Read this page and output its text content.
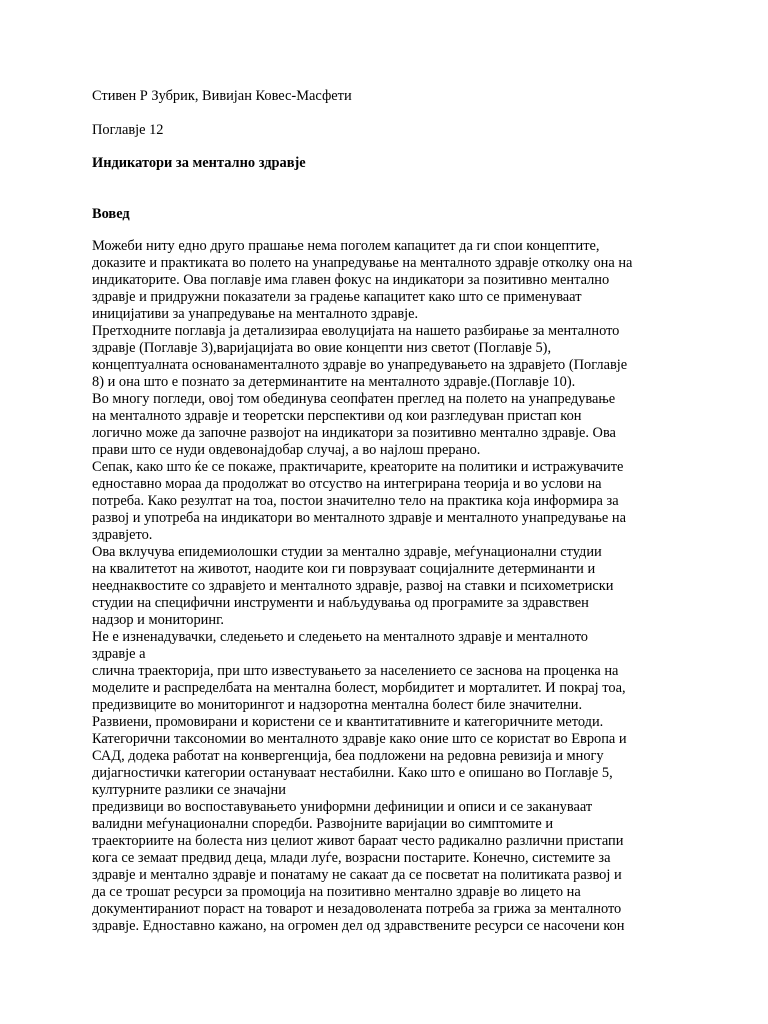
Стивен Р Зубрик, Вивијан Ковес-Масфети

Поглавје 12

Индикатори за ментално здравје

Вовед

Можеби ниту едно друго прашање нема поголем капацитет да ги спои концептите,
доказите и практиката во полето на унапредување на менталното здравје отколку она на
индикаторите. Ова поглавје има главен фокус на индикатори за позитивно ментално
здравје и придружни показатели за градење капацитет како што се применуваат
иницијативи за унапредување на менталното здравје.
Претходните поглавја ја детализираа еволуцијата на нашето разбирање за менталното
здравје (Поглавје 3),варијацијата во овие концепти низ светот (Поглавје 5),
концептуалната основанаменталното здравје во унапредувањето на здравјето (Поглавје
8) и она што е познато за детерминантите на менталното здравје.(Поглавје 10).
Во многу погледи, овој том обединува сеопфатен преглед на полето на унапредување
на менталното здравје и теоретски перспективи од кои разгледуван пристап кон
логично може да започне развојот на индикатори за позитивно ментално здравје. Ова
прави што се нуди овдевонајдобар случај, а во најлош прерано.
Сепак, како што ќе се покаже, практичарите, креаторите на политики и истражувачите
едноставно мораа да продолжат во отсуство на интегрирана теорија и во услови на
потреба. Како резултат на тоа, постои значително тело на практика која информира за
развој и употреба на индикатори во менталното здравје и менталното унапредување на
здравјето.
Ова вклучува епидемиолошки студии за ментално здравје, меѓунационални студии
на квалитетот на животот, наодите кои ги поврзуваат социјалните детерминанти и
нееднаквостите со здравјето и менталното здравје, развој на ставки и психометриски
студии на специфични инструменти и набљудувања од програмите за здравствен
надзор и мониторинг.
Не е изненадувачки, следењето и следењето на менталното здравје и менталното
здравје а
слична траекторија, при што известувањето за населението се заснова на проценка на
моделите и распределбата на ментална болест, морбидитет и морталитет. И покрај тоа,
предизвиците во мониторингот и надзоротна ментална болест биле значителни.
Развиени, промовирани и користени се и квантитативните и категоричните методи.
Категорични таксономии во менталното здравје како оние што се користат во Европа и
САД, додека работат на конвергенција, беа подложени на редовна ревизија и многу
дијагностички категории остануваат нестабилни. Како што е опишано во Поглавје 5,
културните разлики се значајни
предизвици во воспоставувањето униформни дефиниции и описи и се закануваат
валидни меѓунационални споредби. Развојните варијации во симптомите и
траекториите на болеста низ целиот живот бараат често радикално различни пристапи
кога се земаат предвид деца, млади луѓе, возрасни постарите. Конечно, системите за
здравје и ментално здравје и понатаму не сакаат да се посветат на политиката развој и
да се трошат ресурси за промоција на позитивно ментално здравје во лицето на
документираниот пораст на товарот и незадоволената потреба за грижа за менталното
здравје. Едноставно кажано, на огромен дел од здравствените ресурси се насочени кон
